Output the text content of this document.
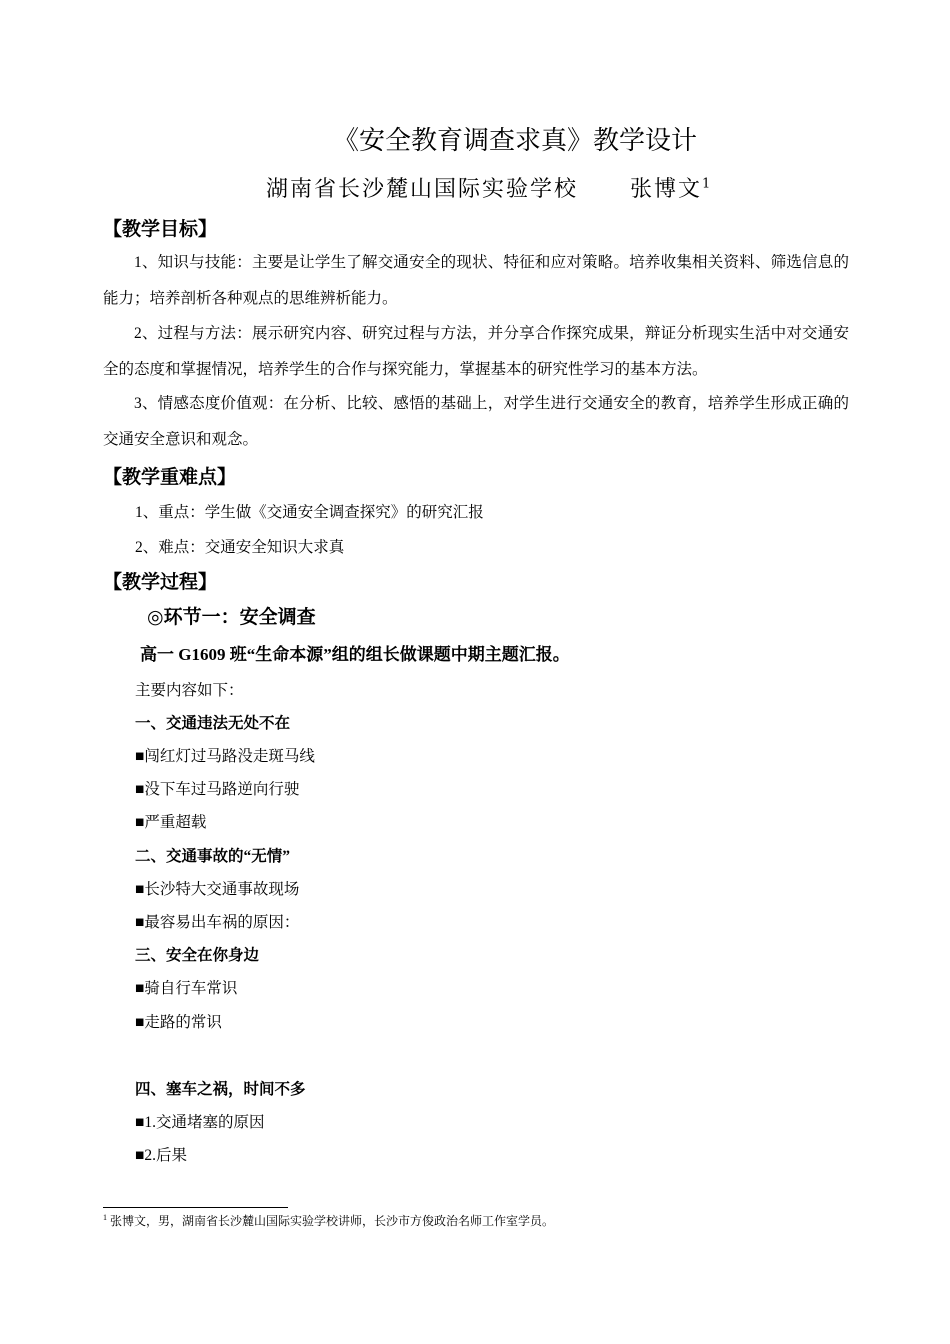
《安全教育调查求真》教学设计
湖南省长沙麓山国际实验学校 张博文$^1$
【教学目标】
1、知识与技能：主要是让学生了解交通安全的现状、特征和应对策略。培养收集相关资料、筛选信息的能力；培养剖析各种观点的思维辨析能力。
2、过程与方法：展示研究内容、研究过程与方法，并分享合作探究成果，辩证分析现实生活中对交通安全的态度和掌握情况，培养学生的合作与探究能力，掌握基本的研究性学习的基本方法。
3、情感态度价值观：在分析、比较、感悟的基础上，对学生进行交通安全的教育，培养学生形成正确的交通安全意识和观念。
【教学重难点】
1、重点：学生做《交通安全调查探究》的研究汇报
2、难点：交通安全知识大求真
【教学过程】
◎环节一：安全调查
高一 G1609 班“生命本源”组的组长做课题中期主题汇报。
主要内容如下：
一、交通违法无处不在
■闯红灯过马路没走斑马线
■没下车过马路逆向行驶
■严重超载
二、交通事故的“无情”
■长沙特大交通事故现场
■最容易出车祸的原因：
三、安全在你身边
■骑自行车常识
■走路的常识
四、塞车之祸，时间不多
■1.交通堵塞的原因
■2.后果
$^1$ 张博文，男，湖南省长沙麓山国际实验学校讲师，长沙市方俊政治名师工作室学员。
